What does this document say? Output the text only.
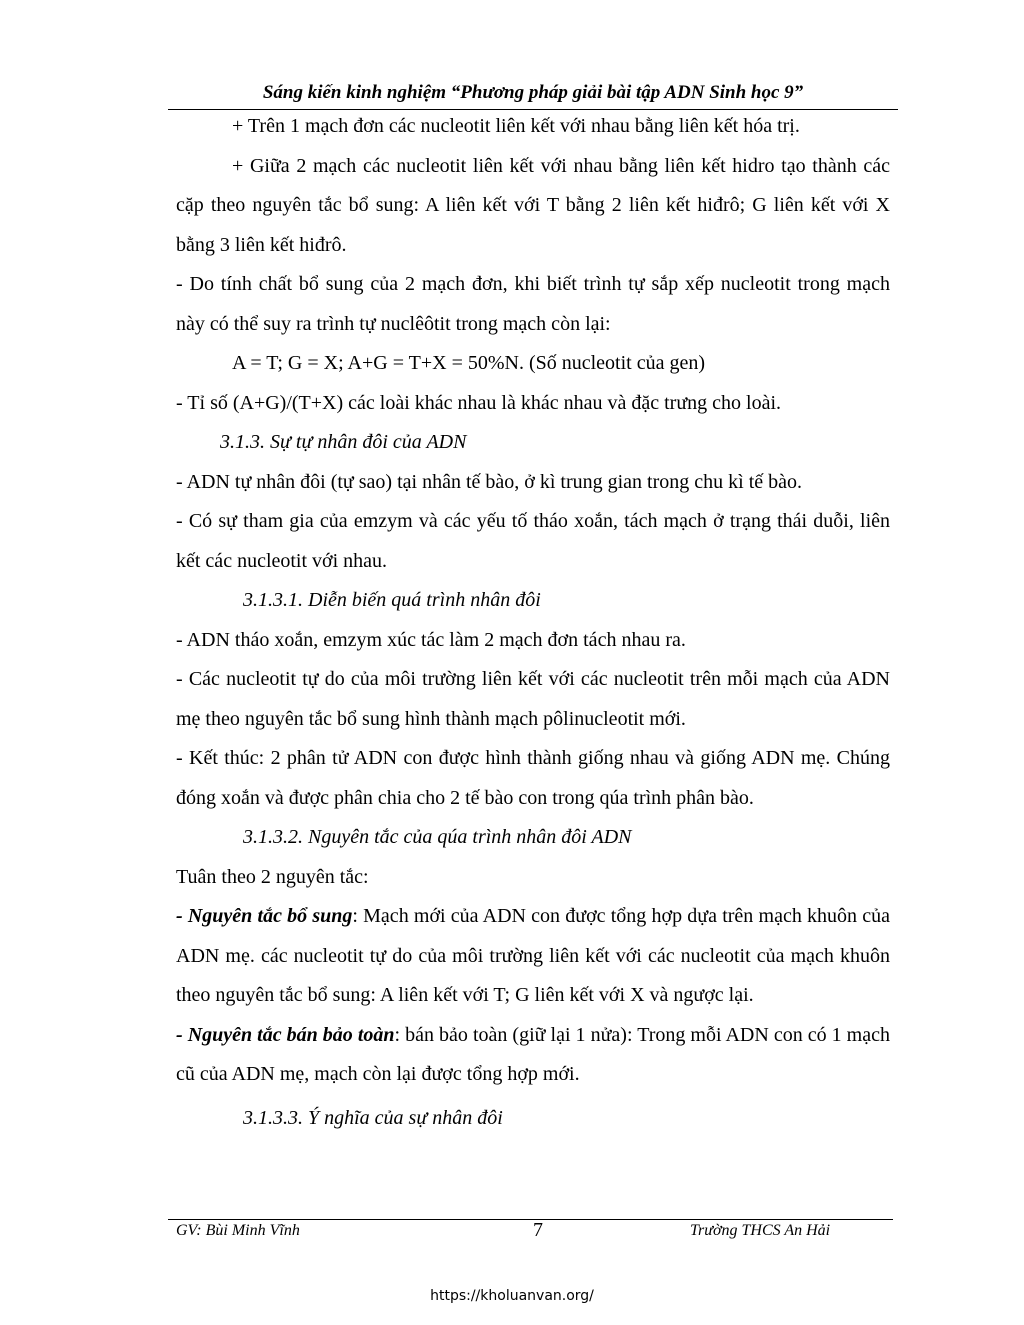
Sáng kiến kinh nghiệm “Phương pháp giải bài tập ADN Sinh học 9”

+ Trên 1 mạch đơn các nucleotit liên kết với nhau bằng liên kết hóa trị.

+ Giữa 2 mạch các nucleotit liên kết với nhau bằng liên kết hidro tạo thành các cặp theo nguyên tắc bổ sung: A liên kết với T bằng 2 liên kết hiđrô; G liên kết với X bằng 3 liên kết hiđrô.

- Do tính chất bổ sung của 2 mạch đơn, khi biết trình tự sắp xếp nucleotit trong mạch này có thể suy ra trình tự nuclêôtit trong mạch còn lại:

A = T; G = X; A+G = T+X = 50%N. (Số nucleotit của gen)

- Tỉ số (A+G)/(T+X) các loài khác nhau là khác nhau và đặc trưng cho loài.

3.1.3. Sự tự nhân đôi của ADN

- ADN tự nhân đôi (tự sao) tại nhân tế bào, ở kì trung gian trong chu kì tế bào.

- Có sự tham gia của emzym và các yếu tố tháo xoắn, tách mạch ở trạng thái duỗi, liên kết các nucleotit với nhau.

3.1.3.1. Diễn biến quá trình nhân đôi

- ADN tháo xoắn, emzym xúc tác làm 2 mạch đơn tách nhau ra.

- Các nucleotit tự do của môi trường liên kết với các nucleotit trên mỗi mạch của ADN mẹ theo nguyên tắc bổ sung hình thành mạch pôlinucleotit mới.

- Kết thúc: 2 phân tử ADN con được hình thành giống nhau và giống ADN mẹ. Chúng đóng xoắn và được phân chia cho 2 tế bào con trong qúa trình phân bào.

3.1.3.2. Nguyên tắc của qúa trình nhân đôi ADN

Tuân theo 2 nguyên tắc:

- Nguyên tắc bổ sung: Mạch mới của ADN con được tổng hợp dựa trên mạch khuôn của ADN mẹ. các nucleotit tự do của môi trường liên kết với các nucleotit của mạch khuôn theo nguyên tắc bổ sung: A liên kết với T; G liên kết với X và ngược lại.

- Nguyên tắc bán bảo toàn: bán bảo toàn (giữ lại 1 nửa): Trong mỗi ADN con có 1 mạch cũ của ADN mẹ, mạch còn lại được tổng hợp mới.

3.1.3.3. Ý nghĩa của sự nhân đôi

GV: Bùi Minh Vĩnh	7	Trường THCS An Hải
https://kholuanvan.org/
